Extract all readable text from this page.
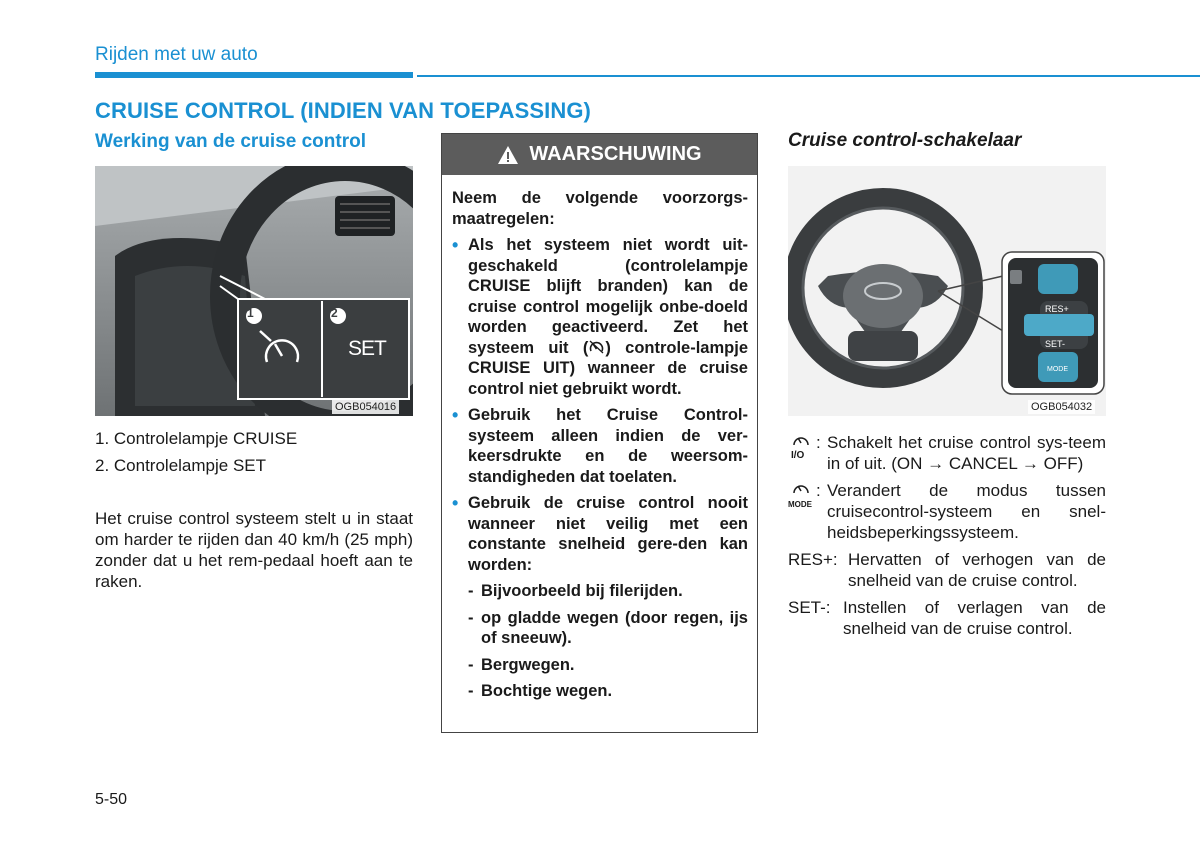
Rijden met uw auto
CRUISE CONTROL (INDIEN VAN TOEPASSING)
Werking van de cruise control
1	2
SET
OGB054016
1. Controlelampje CRUISE
2. Controlelampje SET
Het cruise control systeem stelt u in staat om harder te rijden dan 40 km/h (25 mph) zonder dat u het rem-pedaal hoeft aan te raken.
WAARSCHUWING
Neem de volgende voorzorgs-maatregelen:
• Als het systeem niet wordt uit-geschakeld (controlelampje CRUISE blijft branden) kan de cruise control mogelijk onbe-doeld worden geactiveerd. Zet het systeem uit ( ) controle-lampje CRUISE UIT) wanneer de cruise control niet gebruikt wordt.
• Gebruik het Cruise Control-systeem alleen indien de ver-keersdrukte en de weersom-standigheden dat toelaten.
• Gebruik de cruise control nooit wanneer niet veilig met een constante snelheid gere-den kan worden:
- Bijvoorbeeld bij filerijden.
- op gladde wegen (door regen, ijs of sneeuw).
- Bergwegen.
- Bochtige wegen.
Cruise control-schakelaar
RES+
SET-
MODE
OGB054032
I/O
: Schakelt het cruise control sys-teem in of uit. (ON → CANCEL → OFF)
MODE
: Verandert de modus tussen cruisecontrol-systeem en snel-heidsbeperkingssysteem.
RES+: Hervatten of verhogen van de snelheid van de cruise control.
SET-: Instellen of verlagen van de snelheid van de cruise control.
5-50
